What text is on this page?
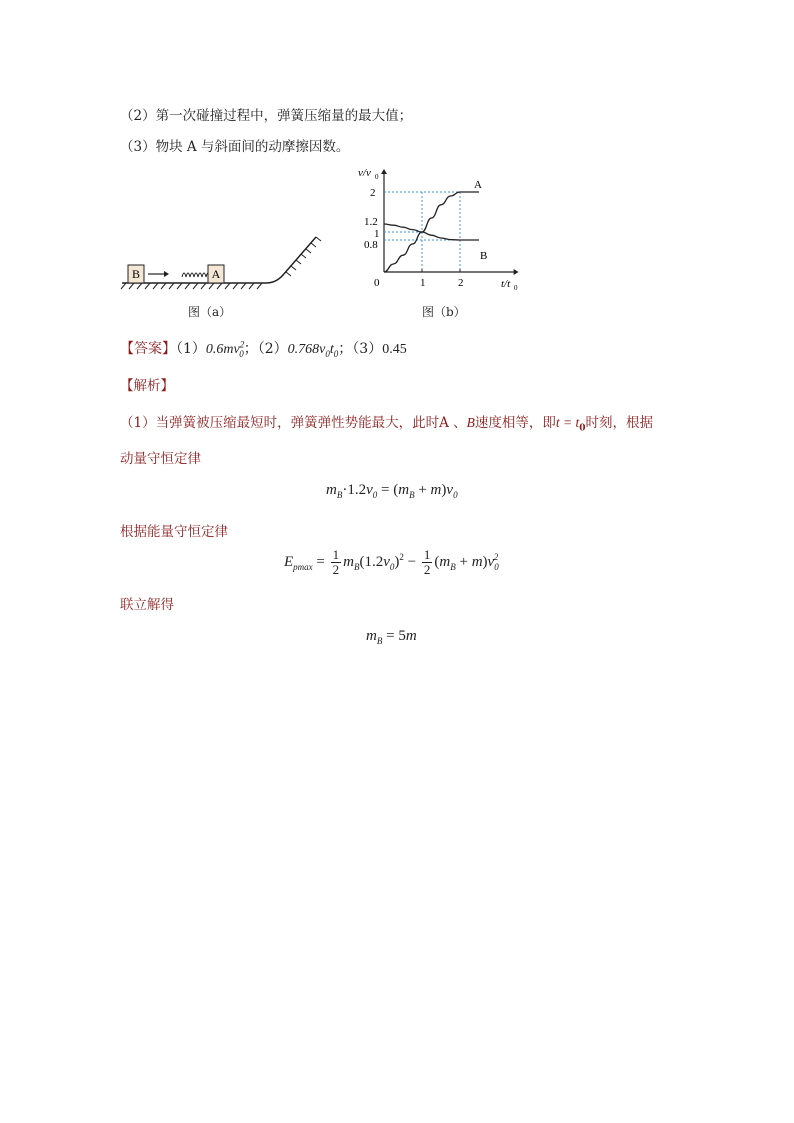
（2）第一次碰撞过程中，弹簧压缩量的最大值；
（3）物块 A 与斜面间的动摩擦因数。
B	A
图（a）
v/v 0
t/t 0
0
A
B
1	2
2
1.2
1
0.8
图（b）
【答案】$(1)0.6mv^2_0$；$(2)0.768v_0t_0$；（3）0.45
【解析】
（1）当弹簧被压缩最短时，弹簧弹性势能最大，此时A 、B速度相等，即$t = t_0$时刻，根据
动量守恒定律
$m_B\cdot 1.2v_0 = (m_B + m)v_0$
根据能量守恒定律
$E_{pmax} = \frac{1}{2} m_B(1.2v_0)^2 - \frac{1}{2} (m_B + m)v_0^2$
联立解得
$m_B = 5m$
